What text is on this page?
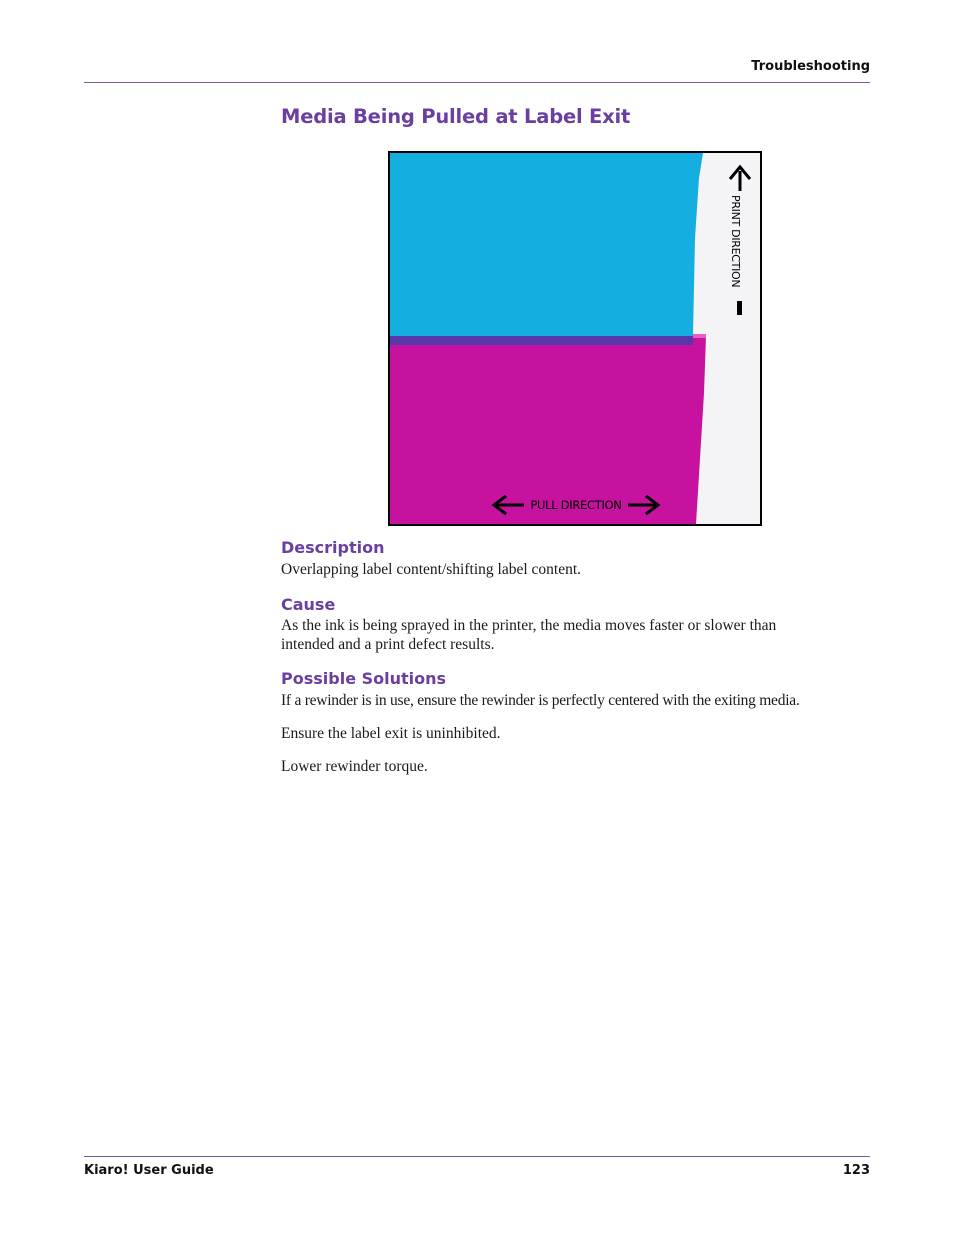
Troubleshooting
Media Being Pulled at Label Exit
PRINT DIRECTION
PULL DIRECTION
Description

Overlapping label content/shifting label content.

Cause

As the ink is being sprayed in the printer, the media moves faster or slower than

intended and a print defect results.

Possible Solutions

If a rewinder is in use, ensure the rewinder is perfectly centered with the exiting media.

Ensure the label exit is uninhibited.

Lower rewinder torque.

Kiaro! User Guide	123
